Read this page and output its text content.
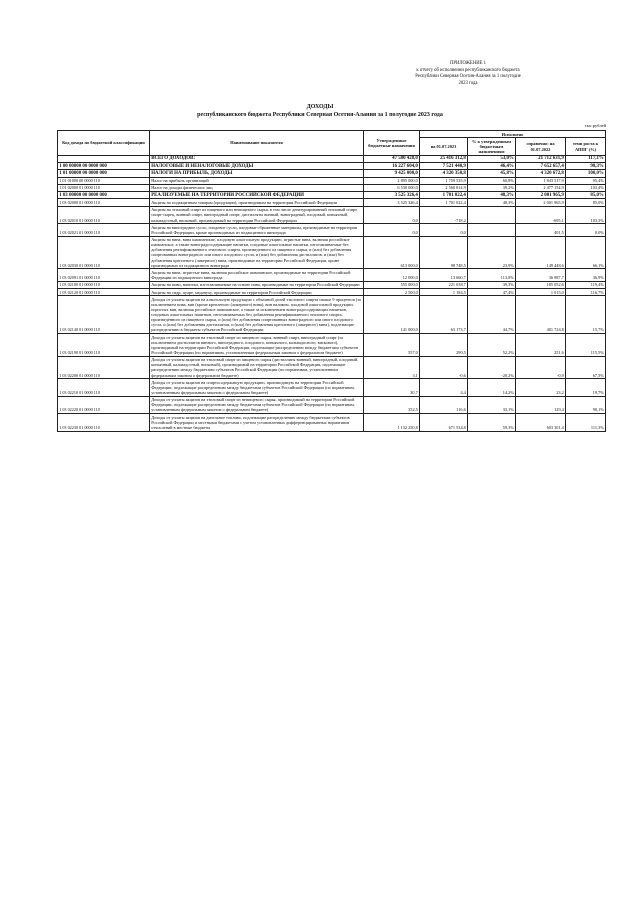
ПРИЛОЖЕНИЕ 1
к отчету об исполнении республиканского бюджета
Республики Северная Осетия-Алания за 1 полугодие
2023 года
ДОХОДЫ
республиканского бюджета Республики Северная Осетия-Алания за 1 полугодие 2023 года
тыс.рублей
Код дохода по бюджетной классификации	Наименование показателя	Утвержденные бюджетные назначения	Исполнено			
			на 01.07.2023	% к утвержденным бюджетным назначениям	справочно: на 01.07.2022	темп роста к АППГ (%)
	ВСЕГО ДОХОДОВ:	47 580 428,0	25 416 312,8	53,0%	21 712 631,9	117,1%
1 00 00000 00 0000 000	НАЛОГОВЫЕ И НЕНАЛОГОВЫЕ ДОХОДЫ	16 227 604,0	7 521 440,9	46,4%	7 652 657,4	98,3%
1 01 00000 00 0000 000	НАЛОГИ НА ПРИБЫЛЬ, ДОХОДЫ	9 425 000,0	4 320 350,8	45,8%	4 320 672,8	100,0%
1 01 01000 00 0000 110	Налог на прибыль организаций	2 895 000,0	1 759 535,9	60,8%	1 843 517,9	95,4%
1 01 02000 01 0000 110	Налог на доходы физических лиц	6 530 000,0	2 560 814,9	39,2%	2 477 154,9	103,4%
1 03 00000 00 0000 000	РЕАЛИЗУЕМЫЕ НА ТЕРРИТОРИИ РОССИЙСКОЙ ФЕДЕРАЦИИ	3 525 326,4	1 701 022,4	48,3%	2 001 965,9	85,0%
1 03 02000 01 0000 110	Акцизы по подакцизным товарам (продукции), производимым на территории Российской Федерации	3 525 326,4	1 701 022,4	48,3%	2 001 965,9	85,0%
1 03 02010 01 0000 110	Акцизы на этиловый спирт из пищевого или непищевого сырья, в том числе денатурированный этиловый спирт, спирт-сырец, винный спирт, виноградный спирт, дистилляты винный, виноградный, плодовый, коньячный, кальвадосный, висковый, производимый на территории Российской Федерации	0,0	-718,2		-695,1	103,3%
1 03 02021 01 0000 110	Акцизы на виноградное сусло, плодовое сусло, плодовые сброженные материалы, производимые на территории Российской Федерации, кроме производимых из подакцизного винограда	0,0	0,0		401,5	0,0%
1 03 02030 01 0000 110	Акцизы на вина, вина шампанские, плодовую алкогольную продукцию, игристые вина, включая российское шампанское, а также виноградосодержащие напитки, плодовые алкогольные напитки, изготавливаемые без добавления ректификованного этилового спирта, произведенного из пищевого сырья, и (или) без добавления спиртованных виноградного или иного плодового сусла, и (или) без добавления дистиллятов, и (или) без добавления крепленого (ликерного) вина, производимые на территории Российской Федерации, кроме производимых из подакцизного винограда	613 000,0	98 748,5	23,9%	149 448,6	66,1%
1 03 02091 01 0000 110	Акцизы на вина, игристые вина, включая российское шампанское, производимые на территории Российской Федерации из подакцизного винограда	12 000,0	13 660,7	113,8%	36 987,7	36,9%
1 03 02100 01 0000 110	Акцизы на пиво, напитки, изготавливаемые на основе пива, производимые на территории Российской Федерации	555 000,0	221 038,7	39,3%	185 052,6	119,4%
1 03 02120 01 0000 110	Акцизы на сидр, пуаре, медовуху, производимые на территории Российской Федерации	2 500,0	1 184,5	47,4%	1 015,0	116,7%
1 03 02140 01 0000 110	Доходы от уплаты акцизов на алкогольную продукцию с объемной долей этилового спирта свыше 9 процентов (за исключением пива, вин (кроме крепленого (ликерного) вина), вин наливом, плодовой алкогольной продукции, игристых вин, включая российское шампанское, а также за исключением виноградосодержащих напитков, плодовых алкогольных напитков, изготавливаемых без добавления ректификованного этилового спирта, произведенного из пищевого сырья, и (или) без добавления спиртованных виноградного или иного плодового сусла, и (или) без добавления дистиллятов, и (или) без добавления крепленого (ликерного) вина), подлежащие распределению в бюджеты субъектов Российской Федерации	141 000,0	63 173,7	44,7%	401 724,8	15,7%
1 03 02190 01 0000 110	Доходы от уплаты акцизов на этиловый спирт из пищевого сырья, винный спирт, виноградный спирт (за исключением дистиллятов винного, виноградного, плодового, коньячного, кальвадосного, вискового), производимый на территории Российской Федерации, подлежащие распределению между бюджетами субъектов Российской Федерации (по нормативам, установленным федеральным законом о федеральном бюджете)	557,0	290,5	52,2%	251,6	115,5%
1 03 02200 01 0000 110	Доходы от уплаты акцизов на этиловый спирт из пищевого сырья (дистилляты винный, виноградный, плодовый, коньячный, кальвадосный, висковый), производимый на территории Российской Федерации, подлежащие распределению между бюджетами субъектов Российской Федерации (по нормативам, установленным федеральным законом о федеральном бюджете)	3,1	-0,6	-20,2%	-0,9	67,3%
1 03 02210 01 0000 110	Доходы от уплаты акцизов на спиртосодержащую продукцию, производимую на территории Российской Федерации, подлежащие распределению между бюджетами субъектов Российской Федерации (по нормативам, установленным федеральным законом о федеральном бюджете)	30,7	4,4	14,2%	23,2	19,7%
1 03 02220 01 0000 110	Доходы от уплаты акцизов на этиловый спирт из непищевого сырья, производимый на территории Российской Федерации, подлежащие распределению между бюджетами субъектов Российской Федерации (по нормативам, установленным федеральным законом о федеральном бюджете)	352,5	116,6	33,1%	129,4	90,1%
1 03 02230 01 0000 110	Доходы от уплаты акцизов на дизельное топливо, подлежащие распределению между бюджетами субъектов Российской Федерации и местными бюджетами с учетом установленных дифференцированных нормативов отчислений в местные бюджеты	1 132 250,8	671 534,8	59,3%	603 301,4	111,3%
